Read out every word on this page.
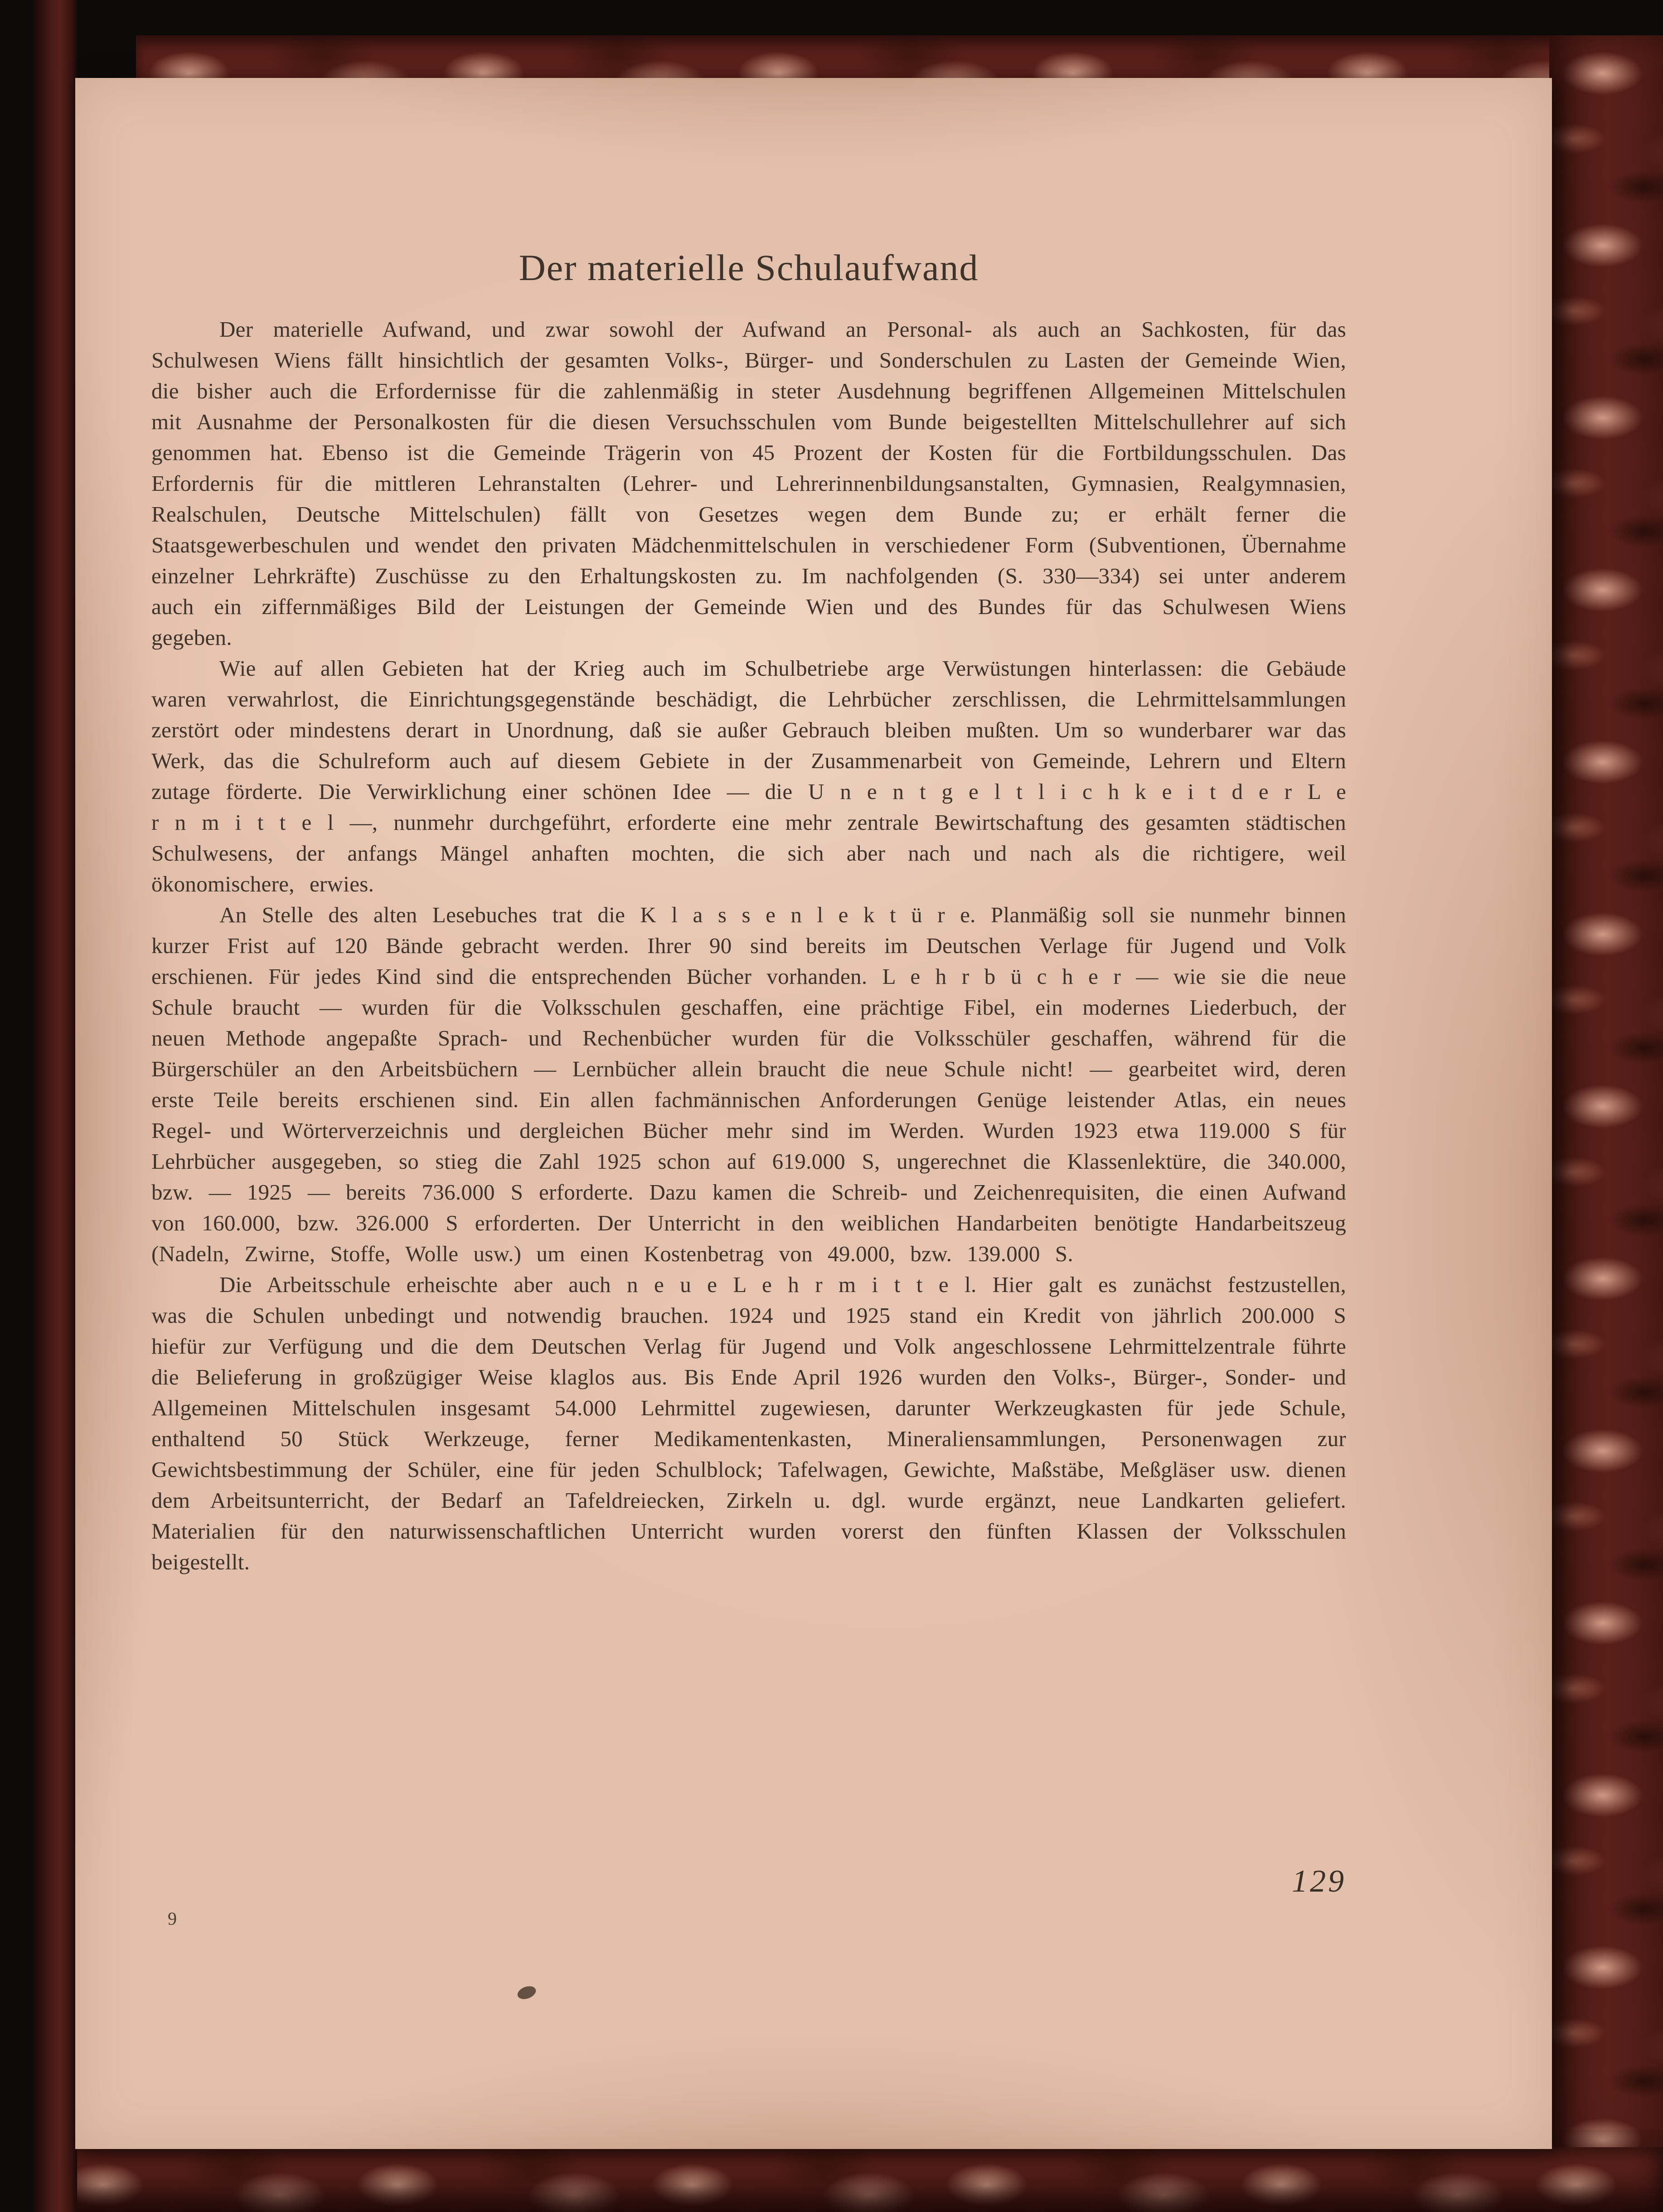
Der materielle Schulaufwand

Der materielle Aufwand, und zwar sowohl der Aufwand an Personal- als auch an Sachkosten, für das Schulwesen Wiens fällt hinsichtlich der gesamten Volks-, Bürger- und Sonderschulen zu Lasten der Gemeinde Wien, die bisher auch die Erfordernisse für die zahlenmäßig in steter Ausdehnung begriffenen Allgemeinen Mittelschulen mit Ausnahme der Personalkosten für die diesen Versuchsschulen vom Bunde beigestellten Mittelschullehrer auf sich genommen hat. Ebenso ist die Gemeinde Trägerin von 45 Prozent der Kosten für die Fortbildungsschulen. Das Erfordernis für die mittleren Lehranstalten (Lehrer- und Lehrerinnenbildungsanstalten, Gymnasien, Realgymnasien, Realschulen, Deutsche Mittelschulen) fällt von Gesetzes wegen dem Bunde zu; er erhält ferner die Staatsgewerbeschulen und wendet den privaten Mädchenmittelschulen in verschiedener Form (Subventionen, Übernahme einzelner Lehrkräfte) Zuschüsse zu den Erhaltungskosten zu. Im nachfolgenden (S. 330—334) sei unter anderem auch ein ziffernmäßiges Bild der Leistungen der Gemeinde Wien und des Bundes für das Schulwesen Wiens gegeben.

Wie auf allen Gebieten hat der Krieg auch im Schulbetriebe arge Verwüstungen hinterlassen: die Gebäude waren verwahrlost, die Einrichtungsgegenstände beschädigt, die Lehrbücher zerschlissen, die Lehrmittelsammlungen zerstört oder mindestens derart in Unordnung, daß sie außer Gebrauch bleiben mußten. Um so wunderbarer war das Werk, das die Schulreform auch auf diesem Gebiete in der Zusammenarbeit von Gemeinde, Lehrern und Eltern zutage förderte. Die Verwirklichung einer schönen Idee — die U n e n t g e l t l i c h k e i t d e r L e r n m i t t e l —, nunmehr durchgeführt, erforderte eine mehr zentrale Bewirtschaftung des gesamten städtischen Schulwesens, der anfangs Mängel anhaften mochten, die sich aber nach und nach als die richtigere, weil ökonomischere, erwies.

An Stelle des alten Lesebuches trat die K l a s s e n l e k t ü r e. Planmäßig soll sie nunmehr binnen kurzer Frist auf 120 Bände gebracht werden. Ihrer 90 sind bereits im Deutschen Verlage für Jugend und Volk erschienen. Für jedes Kind sind die entsprechenden Bücher vorhanden. L e h r b ü c h e r — wie sie die neue Schule braucht — wurden für die Volksschulen geschaffen, eine prächtige Fibel, ein modernes Liederbuch, der neuen Methode angepaßte Sprach- und Rechenbücher wurden für die Volksschüler geschaffen, während für die Bürgerschüler an den Arbeitsbüchern — Lernbücher allein braucht die neue Schule nicht! — gearbeitet wird, deren erste Teile bereits erschienen sind. Ein allen fachmännischen Anforderungen Genüge leistender Atlas, ein neues Regel- und Wörterverzeichnis und dergleichen Bücher mehr sind im Werden. Wurden 1923 etwa 119.000 S für Lehrbücher ausgegeben, so stieg die Zahl 1925 schon auf 619.000 S, ungerechnet die Klassenlektüre, die 340.000, bzw. — 1925 — bereits 736.000 S erforderte. Dazu kamen die Schreib- und Zeichenrequisiten, die einen Aufwand von 160.000, bzw. 326.000 S erforderten. Der Unterricht in den weiblichen Handarbeiten benötigte Handarbeitszeug (Nadeln, Zwirne, Stoffe, Wolle usw.) um einen Kostenbetrag von 49.000, bzw. 139.000 S.

Die Arbeitsschule erheischte aber auch n e u e L e h r m i t t e l. Hier galt es zunächst festzustellen, was die Schulen unbedingt und notwendig brauchen. 1924 und 1925 stand ein Kredit von jährlich 200.000 S hiefür zur Verfügung und die dem Deutschen Verlag für Jugend und Volk angeschlossene Lehrmittelzentrale führte die Belieferung in großzügiger Weise klaglos aus. Bis Ende April 1926 wurden den Volks-, Bürger-, Sonder- und Allgemeinen Mittelschulen insgesamt 54.000 Lehrmittel zugewiesen, darunter Werkzeugkasten für jede Schule, enthaltend 50 Stück Werkzeuge, ferner Medikamentenkasten, Mineraliensammlungen, Personenwagen zur Gewichtsbestimmung der Schüler, eine für jeden Schulblock; Tafelwagen, Gewichte, Maßstäbe, Meßgläser usw. dienen dem Arbeitsunterricht, der Bedarf an Tafeldreiecken, Zirkeln u. dgl. wurde ergänzt, neue Landkarten geliefert. Materialien für den naturwissenschaftlichen Unterricht wurden vorerst den fünften Klassen der Volksschulen beigestellt.

129
9
